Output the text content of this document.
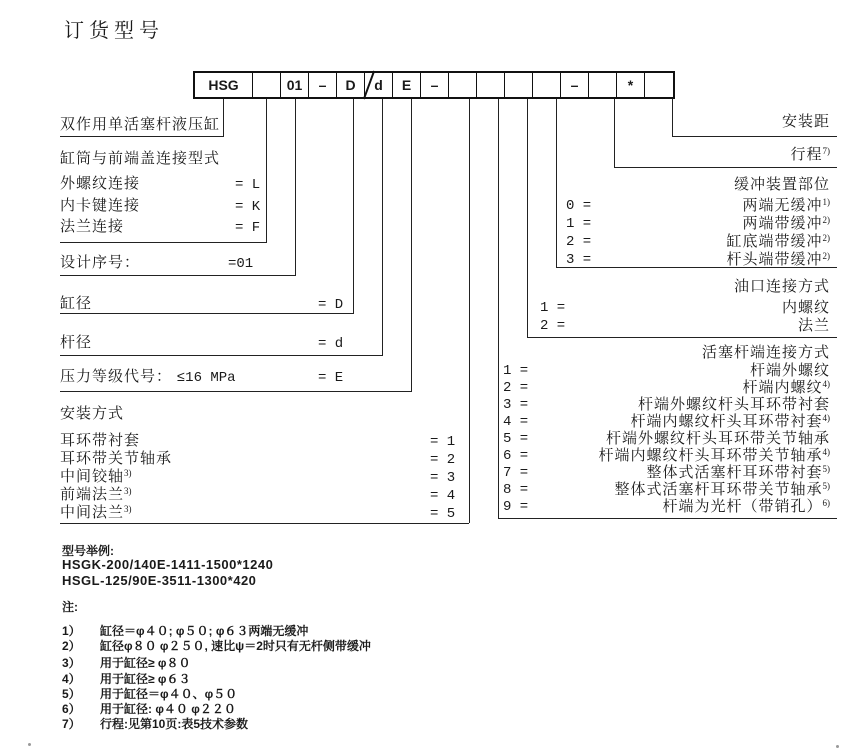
订货型号
HSG	01	–	D	d	E	–	–	*
双作用单活塞杆液压缸
缸筒与前端盖连接型式
外螺纹连接	= L
内卡键连接	= K
法兰连接	= F
设计序号：	=01
缸径	= D
杆径	= d
压力等级代号： ≤16 MPa	= E
安装方式
耳环带衬套	= 1
耳环带关节轴承	= 2
中间铰轴$^{3)}$	= 3
前端法兰$^{3)}$	= 4
中间法兰$^{3)}$	= 5
安装距
行程$^{7)}$
缓冲装置部位
0 =	两端无缓冲$^{1)}$
1 =	两端带缓冲$^{2)}$
2 =	缸底端带缓冲$^{2)}$
3 =	杆头端带缓冲$^{2)}$
油口连接方式
1 =	内螺纹
2 =	法兰
活塞杆端连接方式
1 =	杆端外螺纹
2 =	杆端内螺纹$^{4)}$
3 =	杆端外螺纹杆头耳环带衬套
4 =	杆端内螺纹杆头耳环带衬套$^{4)}$
5 =	杆端外螺纹杆头耳环带关节轴承
6 =	杆端内螺纹杆头耳环带关节轴承$^{4)}$
7 =	整体式活塞杆耳环带衬套$^{5)}$
8 =	整体式活塞杆耳环带关节轴承$^{5)}$
9 =	杆端为光杆（带销孔）$^{6)}$
型号举例:
HSGK-200/140E-1411-1500*1240
HSGL-125/90E-3511-1300*420
注:
1） 缸径＝φ４０; φ５０; φ６３两端无缓冲
2） 缸径φ８０ φ２５０, 速比ψ＝2时只有无杆侧带缓冲
3） 用于缸径≥ φ８０
4） 用于缸径≥ φ６３
5） 用于缸径＝φ４０、φ５０
6） 用于缸径: φ４０ φ２２０
7） 行程:见第10页:表5技术参数
